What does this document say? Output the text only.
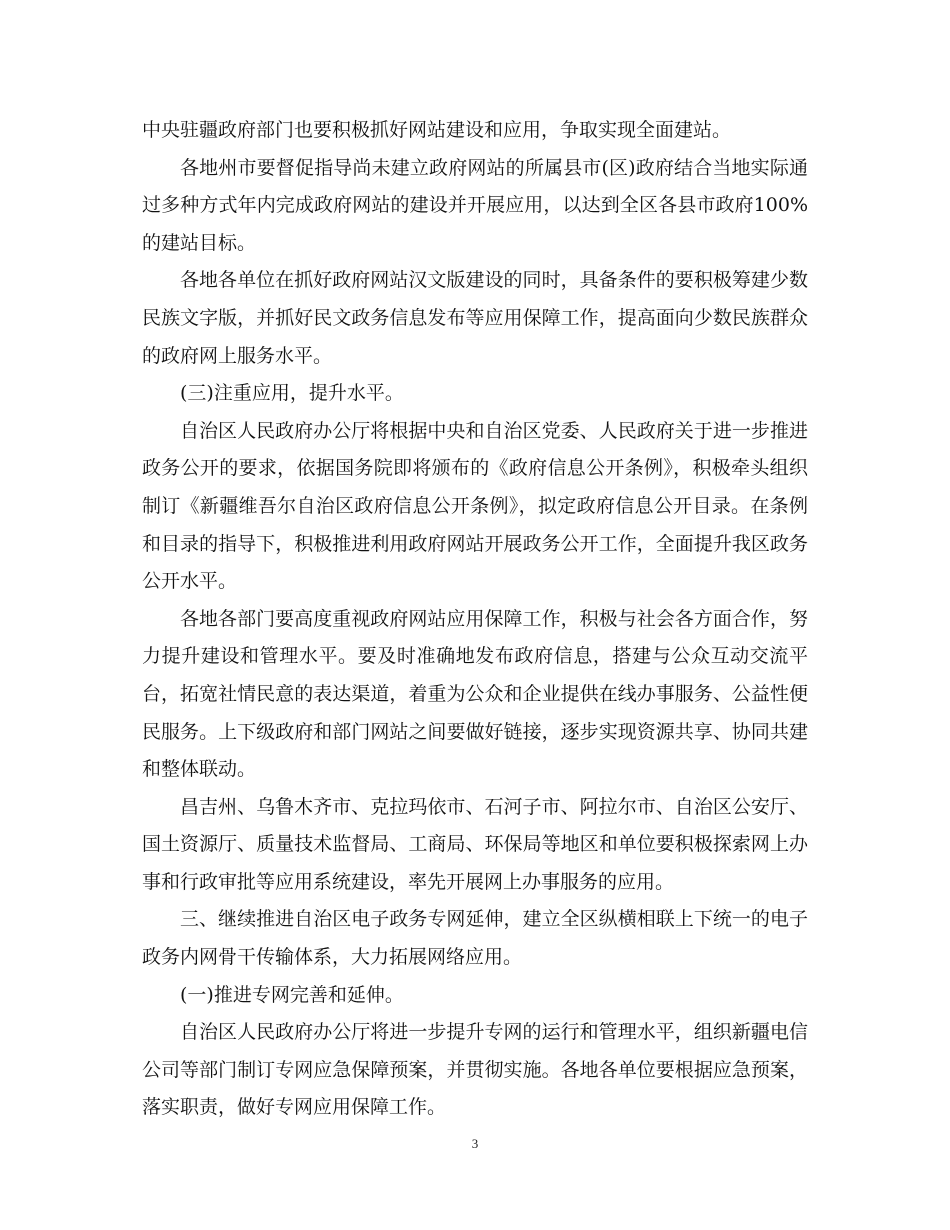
中央驻疆政府部门也要积极抓好网站建设和应用，争取实现全面建站。

各地州市要督促指导尚未建立政府网站的所属县市(区)政府结合当地实际通过多种方式年内完成政府网站的建设并开展应用，以达到全区各县市政府100%的建站目标。

各地各单位在抓好政府网站汉文版建设的同时，具备条件的要积极筹建少数民族文字版，并抓好民文政务信息发布等应用保障工作，提高面向少数民族群众的政府网上服务水平。

(三)注重应用，提升水平。

自治区人民政府办公厅将根据中央和自治区党委、人民政府关于进一步推进政务公开的要求，依据国务院即将颁布的《政府信息公开条例》，积极牵头组织制订《新疆维吾尔自治区政府信息公开条例》，拟定政府信息公开目录。在条例和目录的指导下，积极推进利用政府网站开展政务公开工作，全面提升我区政务公开水平。

各地各部门要高度重视政府网站应用保障工作，积极与社会各方面合作，努力提升建设和管理水平。要及时准确地发布政府信息，搭建与公众互动交流平台，拓宽社情民意的表达渠道，着重为公众和企业提供在线办事服务、公益性便民服务。上下级政府和部门网站之间要做好链接，逐步实现资源共享、协同共建和整体联动。

昌吉州、乌鲁木齐市、克拉玛依市、石河子市、阿拉尔市、自治区公安厅、国土资源厅、质量技术监督局、工商局、环保局等地区和单位要积极探索网上办事和行政审批等应用系统建设，率先开展网上办事服务的应用。

三、继续推进自治区电子政务专网延伸，建立全区纵横相联上下统一的电子政务内网骨干传输体系，大力拓展网络应用。

(一)推进专网完善和延伸。

自治区人民政府办公厅将进一步提升专网的运行和管理水平，组织新疆电信公司等部门制订专网应急保障预案，并贯彻实施。各地各单位要根据应急预案，落实职责，做好专网应用保障工作。

3
